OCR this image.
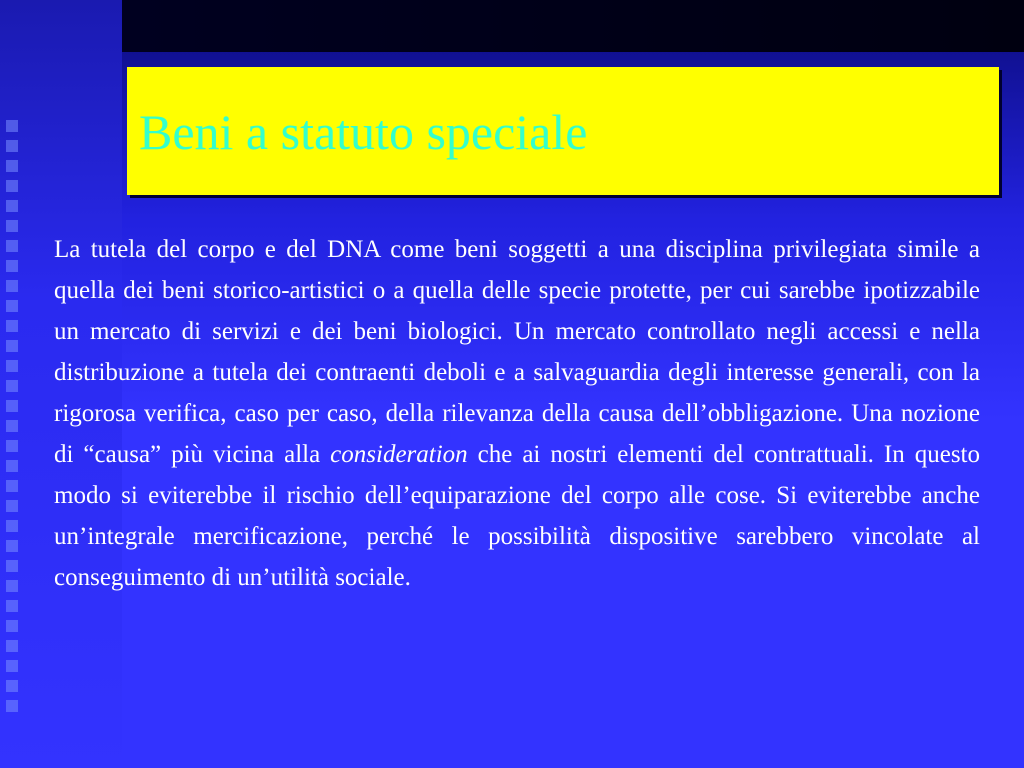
Beni a statuto speciale

La tutela del corpo e del DNA come beni soggetti a una disciplina privilegiata simile a quella dei beni storico-artistici o a quella delle specie protette, per cui sarebbe ipotizzabile un mercato di servizi e dei beni biologici. Un mercato controllato negli accessi e nella distribuzione a tutela dei contraenti deboli e a salvaguardia degli interesse generali, con la rigorosa verifica, caso per caso, della rilevanza della causa dell’obbligazione. Una nozione di “causa” più vicina alla consideration che ai nostri elementi del contrattuali. In questo modo si eviterebbe il rischio dell’equiparazione del corpo alle cose. Si eviterebbe anche un’integrale mercificazione, perché le possibilità dispositive sarebbero vincolate al conseguimento di un’utilità sociale.
